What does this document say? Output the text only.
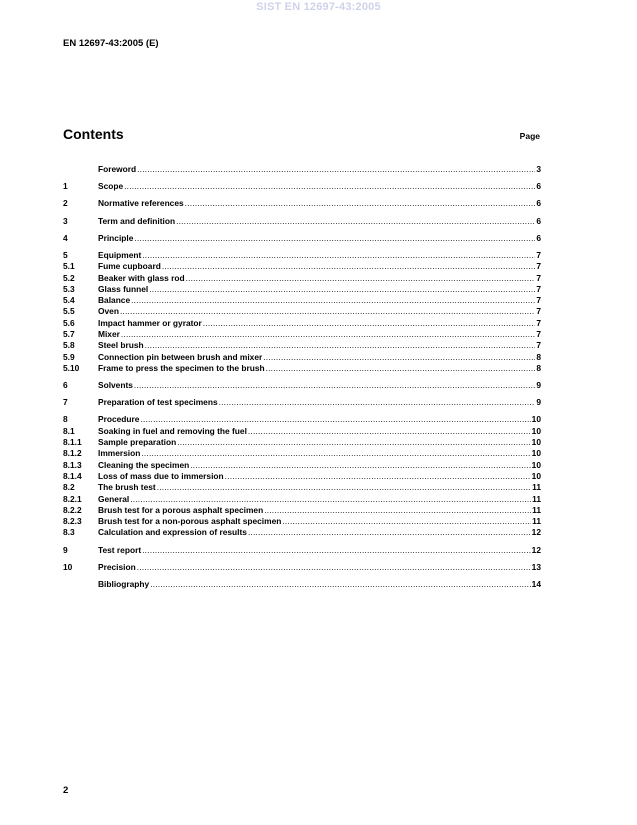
SIST EN 12697-43:2005
EN 12697-43:2005 (E)
Contents	Page
Foreword .....	3
1	Scope .....	6
2	Normative references .....	6
3	Term and definition .....	6
4	Principle .....	6
5	Equipment .....	7
5.1	Fume cupboard .....	7
5.2	Beaker with glass rod .....	7
5.3	Glass funnel .....	7
5.4	Balance .....	7
5.5	Oven .....	7
5.6	Impact hammer or gyrator .....	7
5.7	Mixer .....	7
5.8	Steel brush .....	7
5.9	Connection pin between brush and mixer .....	8
5.10	Frame to press the specimen to the brush .....	8
6	Solvents .....	9
7	Preparation of test specimens .....	9
8	Procedure .....	10
8.1	Soaking in fuel and removing the fuel .....	10
8.1.1	Sample preparation .....	10
8.1.2	Immersion .....	10
8.1.3	Cleaning the specimen .....	10
8.1.4	Loss of mass due to immersion .....	10
8.2	The brush test .....	11
8.2.1	General .....	11
8.2.2	Brush test for a porous asphalt specimen .....	11
8.2.3	Brush test for a non-porous asphalt specimen .....	11
8.3	Calculation and expression of results .....	12
9	Test report .....	12
10	Precision .....	13
Bibliography .....	14
2
